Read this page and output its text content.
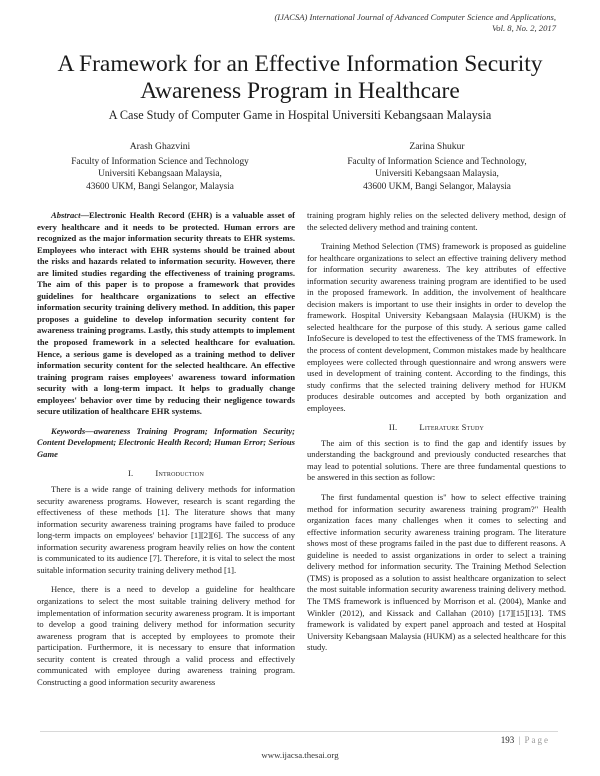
(IJACSA) International Journal of Advanced Computer Science and Applications,
Vol. 8, No. 2, 2017
A Framework for an Effective Information Security
Awareness Program in Healthcare
A Case Study of Computer Game in Hospital Universiti Kebangsaan Malaysia
Arash Ghazvini
Faculty of Information Science and Technology
Universiti Kebangsaan Malaysia,
43600 UKM, Bangi Selangor, Malaysia
Zarina Shukur
Faculty of Information Science and Technology,
Universiti Kebangsaan Malaysia,
43600 UKM, Bangi Selangor, Malaysia

Abstract—Electronic Health Record (EHR) is a valuable asset of every healthcare and it needs to be protected. Human errors are recognized as the major information security threats to EHR systems. Employees who interact with EHR systems should be trained about the risks and hazards related to information security. However, there are limited studies regarding the effectiveness of training programs. The aim of this paper is to propose a framework that provides guidelines for healthcare organizations to select an effective information security training delivery method. In addition, this paper proposes a guideline to develop information security content for awareness training programs. Lastly, this study attempts to implement the proposed framework in a selected healthcare for evaluation. Hence, a serious game is developed as a training method to deliver information security content for the selected healthcare. An effective training program raises employees' awareness toward information security with a long-term impact. It helps to gradually change employees' behavior over time by reducing their negligence towards secure utilization of healthcare EHR systems.

Keywords—awareness Training Program; Information Security; Content Development; Electronic Health Record; Human Error; Serious Game

I.	Introduction

There is a wide range of training delivery methods for information security awareness programs. However, research is scant regarding the effectiveness of these methods [1]. The literature shows that many information security awareness training programs have failed to produce long-term impacts on employees' behavior [1][2][6]. The success of any information security awareness program heavily relies on how the content is communicated to its audience [7]. Therefore, it is vital to select the most suitable information security training delivery method [1].

Hence, there is a need to develop a guideline for healthcare organizations to select the most suitable training delivery method for implementation of information security awareness program. It is important to develop a good training delivery method for information security awareness program that is accepted by employees to promote their participation. Furthermore, it is necessary to ensure that information security content is created through a valid process and effectively communicated with employee during awareness training program. Constructing a good information security awareness

training program highly relies on the selected delivery method, design of the selected delivery method and training content.

Training Method Selection (TMS) framework is proposed as guideline for healthcare organizations to select an effective training delivery method for information security awareness. The key attributes of effective information security awareness training program are identified to be used in the proposed framework. In addition, the involvement of healthcare decision makers is important to use their insights in order to develop the framework. Hospital University Kebangsaan Malaysia (HUKM) is the selected healthcare for the purpose of this study. A serious game called InfoSecure is developed to test the effectiveness of the TMS framework. In the process of content development, Common mistakes made by healthcare employees were collected through questionnaire and wrong answers were used in development of training content. According to the findings, this study confirms that the selected training delivery method for HUKM produces desirable outcomes and accepted by both organization and employees.

II.	Literature Study

The aim of this section is to find the gap and identify issues by understanding the background and previously conducted researches that may lead to potential solutions. There are three fundamental questions to be answered in this section as follow:

The first fundamental question is" how to select effective training method for information security awareness training program?" Health organization faces many challenges when it comes to selecting and effective information security awareness training program. The literature shows most of these programs failed in the past due to different reasons. A guideline is needed to assist organizations in order to select a training delivery method for information security. The Training Method Selection (TMS) is proposed as a solution to assist healthcare organization to select the most suitable information security awareness training delivery method. The TMS framework is influenced by Morrison et al. (2004), Manke and Winkler (2012), and Kissack and Callahan (2010) [17][15][13]. TMS framework is validated by expert panel approach and tested at Hospital University Kebangsaan Malaysia (HUKM) as a selected healthcare for this study.

193 | Page
www.ijacsa.thesai.org
